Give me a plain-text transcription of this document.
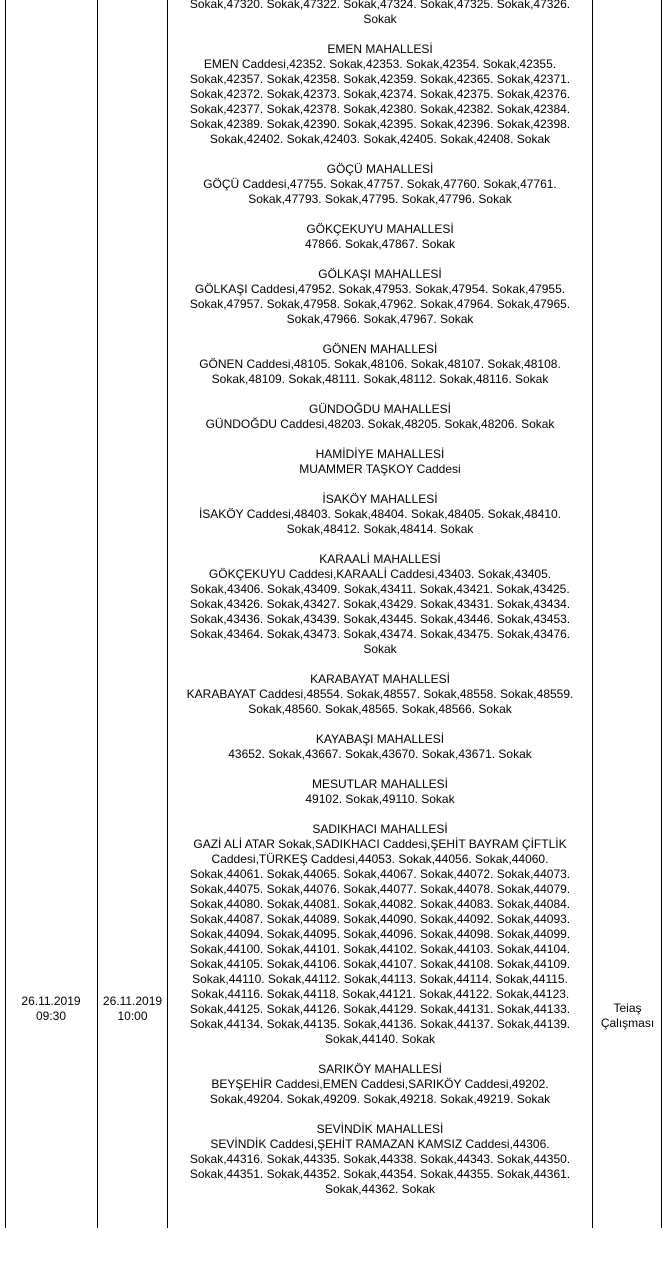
26.11.2019
09:30
26.11.2019
10:00
Sokak,47320. Sokak,47322. Sokak,47324. Sokak,47325. Sokak,47326.
Sokak
EMEN MAHALLESİ
EMEN Caddesi,42352. Sokak,42353. Sokak,42354. Sokak,42355.
Sokak,42357. Sokak,42358. Sokak,42359. Sokak,42365. Sokak,42371.
Sokak,42372. Sokak,42373. Sokak,42374. Sokak,42375. Sokak,42376.
Sokak,42377. Sokak,42378. Sokak,42380. Sokak,42382. Sokak,42384.
Sokak,42389. Sokak,42390. Sokak,42395. Sokak,42396. Sokak,42398.
Sokak,42402. Sokak,42403. Sokak,42405. Sokak,42408. Sokak
GÖÇÜ MAHALLESİ
GÖÇÜ Caddesi,47755. Sokak,47757. Sokak,47760. Sokak,47761.
Sokak,47793. Sokak,47795. Sokak,47796. Sokak
GÖKÇEKUYU MAHALLESİ
47866. Sokak,47867. Sokak
GÖLKAŞI MAHALLESİ
GÖLKAŞI Caddesi,47952. Sokak,47953. Sokak,47954. Sokak,47955.
Sokak,47957. Sokak,47958. Sokak,47962. Sokak,47964. Sokak,47965.
Sokak,47966. Sokak,47967. Sokak
GÖNEN MAHALLESİ
GÖNEN Caddesi,48105. Sokak,48106. Sokak,48107. Sokak,48108.
Sokak,48109. Sokak,48111. Sokak,48112. Sokak,48116. Sokak
GÜNDOĞDU MAHALLESİ
GÜNDOĞDU Caddesi,48203. Sokak,48205. Sokak,48206. Sokak
HAMİDİYE MAHALLESİ
MUAMMER TAŞKOY Caddesi
İSAKÖY MAHALLESİ
İSAKÖY Caddesi,48403. Sokak,48404. Sokak,48405. Sokak,48410.
Sokak,48412. Sokak,48414. Sokak
KARAALİ MAHALLESİ
GÖKÇEKUYU Caddesi,KARAALİ Caddesi,43403. Sokak,43405.
Sokak,43406. Sokak,43409. Sokak,43411. Sokak,43421. Sokak,43425.
Sokak,43426. Sokak,43427. Sokak,43429. Sokak,43431. Sokak,43434.
Sokak,43436. Sokak,43439. Sokak,43445. Sokak,43446. Sokak,43453.
Sokak,43464. Sokak,43473. Sokak,43474. Sokak,43475. Sokak,43476.
Sokak
KARABAYAT MAHALLESİ
KARABAYAT Caddesi,48554. Sokak,48557. Sokak,48558. Sokak,48559.
Sokak,48560. Sokak,48565. Sokak,48566. Sokak
KAYABAŞI MAHALLESİ
43652. Sokak,43667. Sokak,43670. Sokak,43671. Sokak
MESUTLAR MAHALLESİ
49102. Sokak,49110. Sokak
SADIKHACI MAHALLESİ
GAZİ ALİ ATAR Sokak,SADIKHACI Caddesi,ŞEHİT BAYRAM ÇİFTLİK
Caddesi,TÜRKEŞ Caddesi,44053. Sokak,44056. Sokak,44060.
Sokak,44061. Sokak,44065. Sokak,44067. Sokak,44072. Sokak,44073.
Sokak,44075. Sokak,44076. Sokak,44077. Sokak,44078. Sokak,44079.
Sokak,44080. Sokak,44081. Sokak,44082. Sokak,44083. Sokak,44084.
Sokak,44087. Sokak,44089. Sokak,44090. Sokak,44092. Sokak,44093.
Sokak,44094. Sokak,44095. Sokak,44096. Sokak,44098. Sokak,44099.
Sokak,44100. Sokak,44101. Sokak,44102. Sokak,44103. Sokak,44104.
Sokak,44105. Sokak,44106. Sokak,44107. Sokak,44108. Sokak,44109.
Sokak,44110. Sokak,44112. Sokak,44113. Sokak,44114. Sokak,44115.
Sokak,44116. Sokak,44118. Sokak,44121. Sokak,44122. Sokak,44123.
Sokak,44125. Sokak,44126. Sokak,44129. Sokak,44131. Sokak,44133.
Sokak,44134. Sokak,44135. Sokak,44136. Sokak,44137. Sokak,44139.
Sokak,44140. Sokak
SARIKÖY MAHALLESİ
BEYŞEHİR Caddesi,EMEN Caddesi,SARIKÖY Caddesi,49202.
Sokak,49204. Sokak,49209. Sokak,49218. Sokak,49219. Sokak
SEVİNDİK MAHALLESİ
SEVİNDİK Caddesi,ŞEHİT RAMAZAN KAMSIZ Caddesi,44306.
Sokak,44316. Sokak,44335. Sokak,44338. Sokak,44343. Sokak,44350.
Sokak,44351. Sokak,44352. Sokak,44354. Sokak,44355. Sokak,44361.
Sokak,44362. Sokak
Teiaş
Çalışması
